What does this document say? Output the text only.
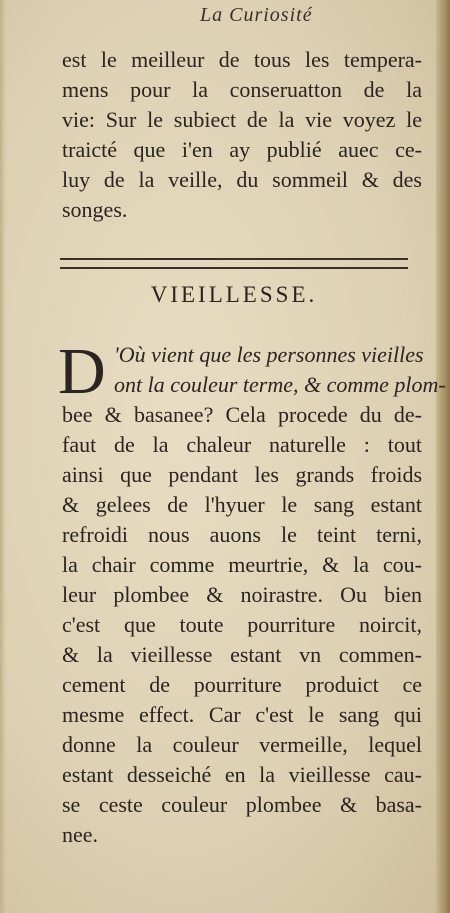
La Curiosité
est le meilleur de tous les tempera-
mens pour la conseruatton de la
vie: Sur le subiect de la vie voyez le
traicté que i'en ay publié auec ce-
luy de la veille, du sommeil & des
songes.
VIEILLESSE.
D 'Où vient que les personnes vieilles
ont la couleur terme, & comme plom-
bee & basanee? Cela procede du de-
faut de la chaleur naturelle : tout
ainsi que pendant les grands froids
& gelees de l'hyuer le sang estant
refroidi nous auons le teint terni,
la chair comme meurtrie, & la cou-
leur plombee & noirastre. Ou bien
c'est que toute pourriture noircit,
& la vieillesse estant vn commen-
cement de pourriture produict ce
mesme effect. Car c'est le sang qui
donne la couleur vermeille, lequel
estant desseiché en la vieillesse cau-
se ceste couleur plombee & basa-
nee.
